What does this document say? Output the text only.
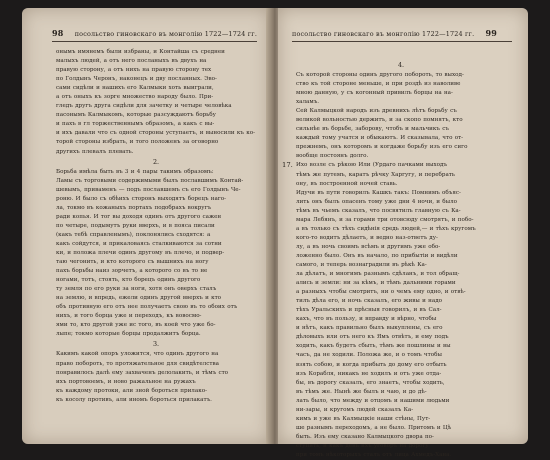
98 посольство гиновскаго въ монголію 1722—1724 гг.
онымъ имянемъ были избраны, и Контайша съ среднеи
малыхъ людей, а отъ него посланыхъ въ двухъ на
правую сторону, а отъ нихъ на правую сторону тех
по Голдынъ Черонъ, наконецъ и дву посланных. Эво-
сами сидѣли и нашихъ его Калмыки хоть выиграли,
а отъ оныхъ къ зорге множество народу было. При-
гледъ другъ друга сидѣли для зачетку и четыре человѣка
пасонымъ Калмыкомъ, которые разсуждаютъ борьбу
и пахъ в гл торжественнымъ образомъ, а какъ с вы-
и ихъ давали что съ одной стороны уступаетъ, и выносили къ ко-
торой стороны избрать, и того положенъ за оговорно
другихъ плевалъ плевать.
2.
Борьба имѣла быть въ 3 и 4 пары такимъ образомъ:
Ламы съ торговыми содержимыми былъ пославшимъ Контай-
шевымъ, приваменъ — подъ пославшемъ съ его Голдынъ Че-
роню. И было съ обѣихъ сторонъ выходятъ борецъ наго-
ла, токмо въ кожаныхъ портахъ подобрахъ вокругъ
ради копья. И тог вы доходя одинъ отъ другого сажен
по четыре, подымутъ руки вверхъ, и в пояса писали
(какъ тебѣ справленымъ), поклонялись сходятся: а
какъ сойдутся, и прикаловаясь сталкиваются за сотни
ки, и положа плечи одинъ другому въ плечо, и подвер-
таю чегонить, и кто которого съ вышнихъ на ногу
пахъ борьбы наиз зорчетъ, а которого со въ то не
ногами, тотъ, стоять, кто борецъ одинъ другого
ту земля по его руки за ноги, хотя онъ оверхъ сталъ
на землю, и впредь, ежели одинъ другой вверхъ и кто
объ противную его отъ нее получаетъ свою въ то обоих отъ
нихъ, и того борца уже и переходъ, къ вовосмо-
ями то, кто другой уже ис того, въ коей что уже бо-
лыпе; токмо которые борцы продалжитъ борца.
3.
Какимъ какой опоръ уложится, что одинъ другого на
право побороть, то протяжательное для свидѣтелства
понравилось далѣ ему захваченъ делолакить, и тѣмъ сто
ихъ портовоемъ, и ново ражальное на ружахъ
къ каждому протоки, али зной бороться прилако-
къ косолу противъ, али иномъ бороться прилакатъ.
посольство гиновскаго въ монголію 1722—1724 гг. 99
4.
Съ которой стороны одинъ другого побороть, то выход-
ство къ той стороне меньше, и при роздѣ из наволиве
мною данную, у съ когонный привилъ борцы на на-
халамъ.
Сей Калмыцкой народъ изъ древнихъ лѣтъ борьбу съ
великой вольностью держитъ, и за скопо помнятъ, кто
сильнѣе въ борьбе, заборову, чтобъ и мальчикъ съ
каждый тому учатся и обыкаютъ. И сказывала, что от-
прежнемъ, онъ которомъ и когдаже борьбу изъ его сиго
вообще постоянъ долго.
17. Ихо возле съ рѣкою Или (Урдаго пачками выходъ
тѣмъ же путемъ, каратъ рѣчку Харгугу, и перебрать
ону, въ построенной ночей ставь.
Идучи въ пути говорилъ Кашкъ такъ: Помнимъ объяс-
лить онъ былъ опасенъ тому уже дни 4 ночи, и было
тѣмъ въ чьемъ сказалъ, что посвятилъ главную съ Ка-
мара Лебянъ, и за горами три отовсюду смотрятъ, и побо-
а въ только съ тѣхъ сидѣнія средь людей,— и тѣхъ кругомъ
кого-то водитъ дѣлаетъ, и ведно наз-ответъ ду-
лу, а въ ночь своимъ всѣмъ и другимъ уже обо-
ложенно было. Онъ въ начало, по прибытіи и видѣли
самого, и теперь вознаградили въ рѣкѣ Ка-
ла дѣлатъ, и многимъ разнымъ сдѣланъ, и тол обращ-
ались и земли: ни за кѣмъ, и тѣмъ дальними горами
а разныхъ чтобы смотритъ, ни о чемъ ему одно, и отвѣ-
тилъ дѣла его, и ночь сказалъ, его живы и надо
тѣхъ Уральскихъ и прѣсныя говорилъ, и въ Сал-
кахъ, что въ пользу, и вправду и вѣрно, чтобы
и нѣтъ, какъ правильно былъ выкуплены, съ его
дѣловыхъ или отъ него къ Ямъ отвѣтъ, и ему подъ
ходить, какъ будетъ сбыть, тѣмъ же пошлины и вы
часъ, да не ходили. Положа же, и о томъ чтобы
взять собою, и когда прибыть до дому его отбыть
изъ Корабля, никакъ не ходилъ и отъ уже отда-
бы, въ дорогу сказалъ, его знаетъ, чтобы ходить,
въ тѣмъ же. Нынѣ же былъ и чаю, и до дѣ-
лать было, что между и отцомъ и нашими людьми
ни-зары, и кругомъ людей сказалъ Ка-
кимъ и уже въ Калмыцкіе наши стѣны, Пут-
ше разнымъ переходомъ, а не было. Притомъ и Цѣ
быть. Изъ ему сказано Калмыцкого двора по-
ступить, и какъ день ихъ уговоръ на дорогу
при томъ нѣкоторыхъ сталъ отъ лица Ахмедъ-Хана.
